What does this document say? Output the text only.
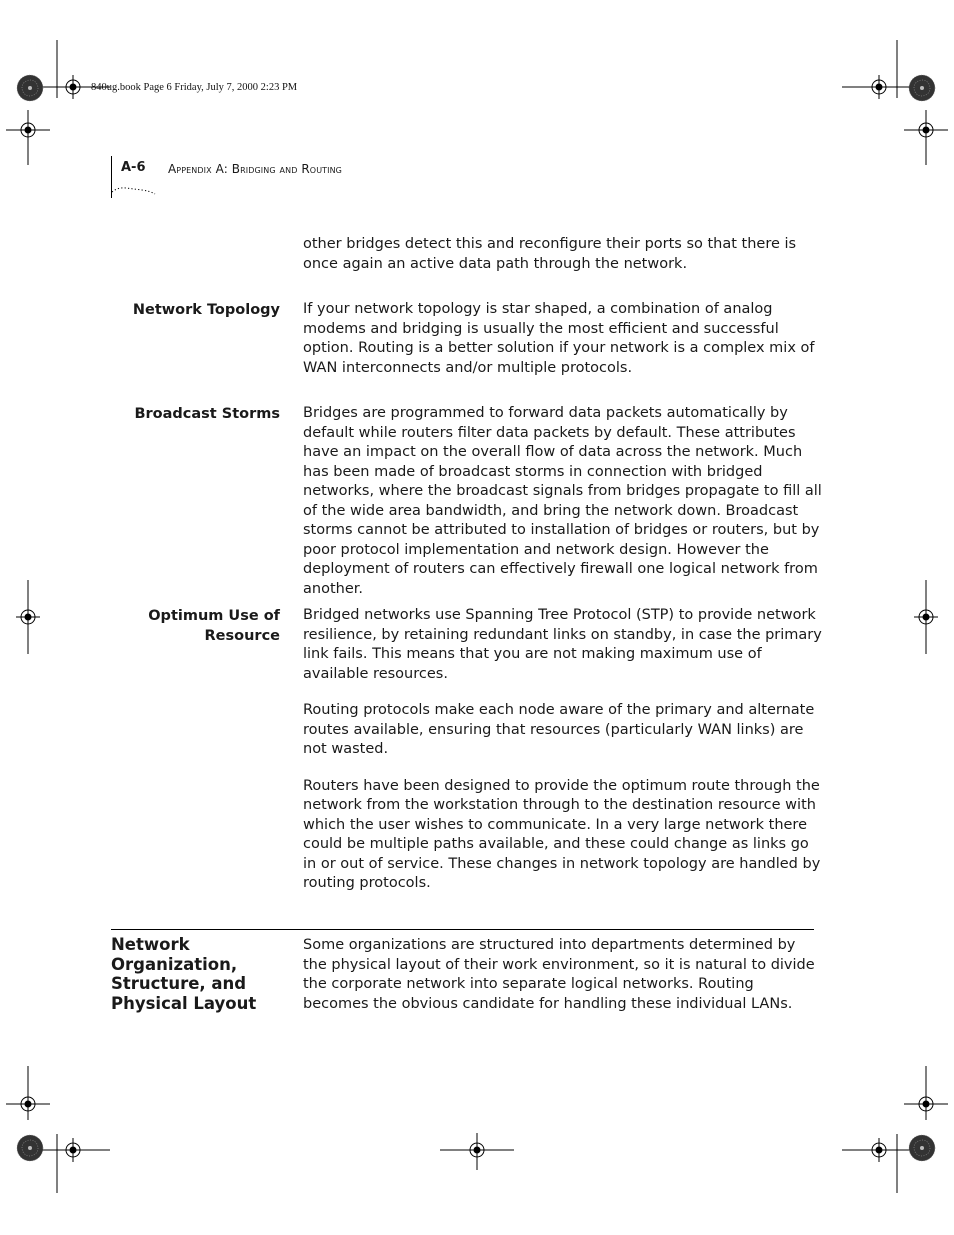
840ug.book Page 6 Friday, July 7, 2000 2:23 PM
A-6 Appendix A: Bridging and Routing

other bridges detect this and reconfigure their ports so that there is once again an active data path through the network.

Network Topology If your network topology is star shaped, a combination of analog modems and bridging is usually the most efficient and successful option. Routing is a better solution if your network is a complex mix of WAN interconnects and/or multiple protocols.

Broadcast Storms Bridges are programmed to forward data packets automatically by default while routers filter data packets by default. These attributes have an impact on the overall flow of data across the network. Much has been made of broadcast storms in connection with bridged networks, where the broadcast signals from bridges propagate to fill all of the wide area bandwidth, and bring the network down. Broadcast storms cannot be attributed to installation of bridges or routers, but by poor protocol implementation and network design. However the deployment of routers can effectively firewall one logical network from another.

Optimum Use of
Resource

Bridged networks use Spanning Tree Protocol (STP) to provide network resilience, by retaining redundant links on standby, in case the primary link fails. This means that you are not making maximum use of available resources.

Routing protocols make each node aware of the primary and alternate routes available, ensuring that resources (particularly WAN links) are not wasted.

Routers have been designed to provide the optimum route through the network from the workstation through to the destination resource with which the user wishes to communicate. In a very large network there could be multiple paths available, and these could change as links go in or out of service. These changes in network topology are handled by routing protocols.

Network
Organization,
Structure, and
Physical Layout

Some organizations are structured into departments determined by the physical layout of their work environment, so it is natural to divide the corporate network into separate logical networks. Routing becomes the obvious candidate for handling these individual LANs.
